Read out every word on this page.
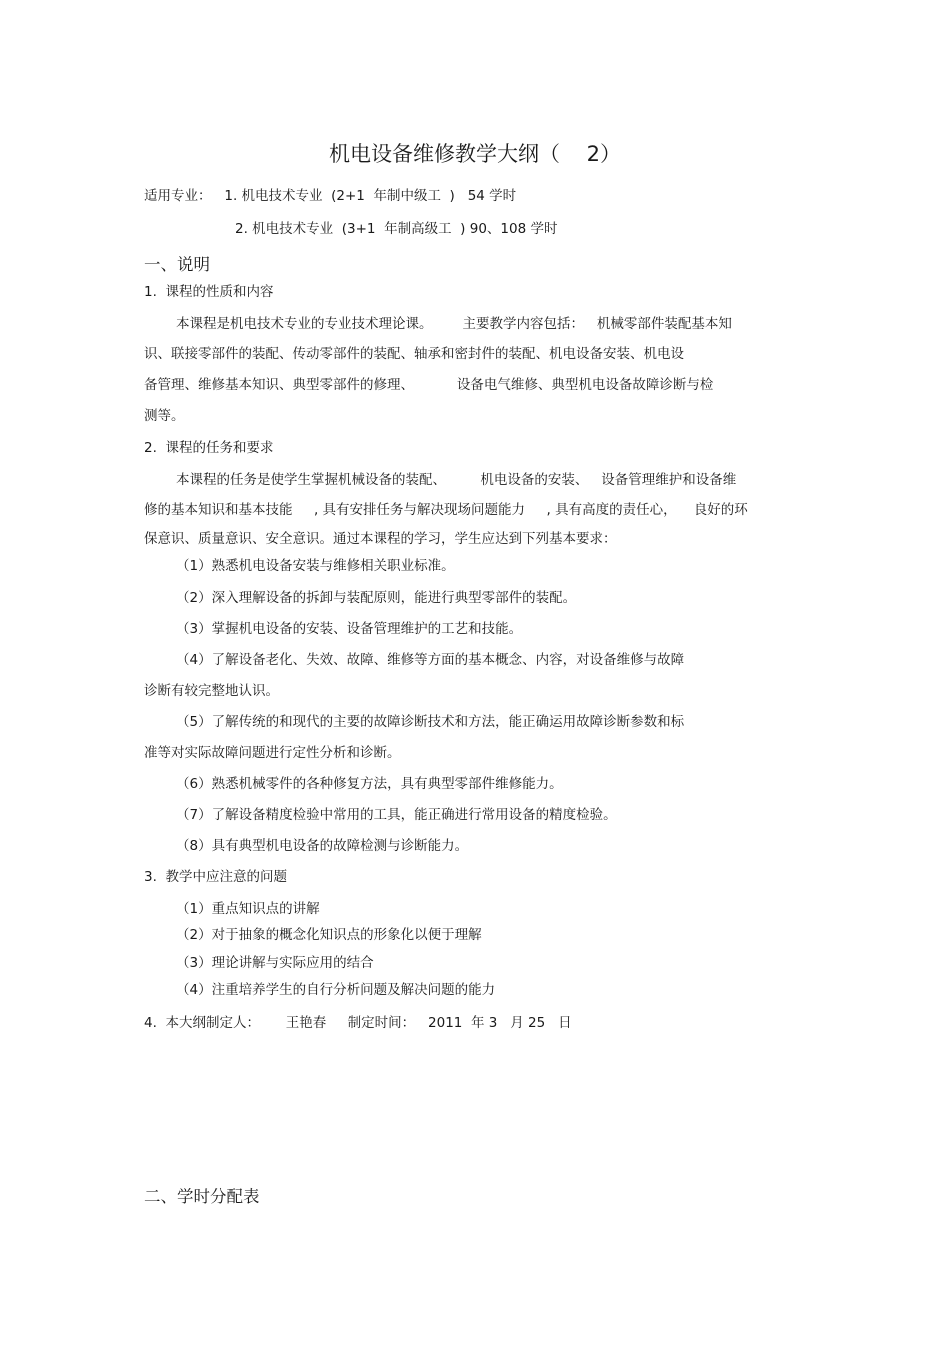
机电设备维修教学大纲（    2）

适用专业：   1. 机电技术专业  (2+1  年制中级工  )   54 学时

2. 机电技术专业  (3+1  年制高级工  ) 90、108 学时

一、说明

1.  课程的性质和内容

本课程是机电技术专业的专业技术理论课。       主要教学内容包括：   机械零部件装配基本知

识、联接零部件的装配、传动零部件的装配、轴承和密封件的装配、机电设备安装、机电设

备管理、维修基本知识、典型零部件的修理、          设备电气维修、典型机电设备故障诊断与检

测等。

2.  课程的任务和要求

本课程的任务是使学生掌握机械设备的装配、        机电设备的安装、   设备管理维护和设备维

修的基本知识和基本技能     , 具有安排任务与解决现场问题能力     , 具有高度的责任心，    良好的环

保意识、质量意识、安全意识。通过本课程的学习，学生应达到下列基本要求：

（1）熟悉机电设备安装与维修相关职业标准。

（2）深入理解设备的拆卸与装配原则，能进行典型零部件的装配。

（3）掌握机电设备的安装、设备管理维护的工艺和技能。

（4）了解设备老化、失效、故障、维修等方面的基本概念、内容，对设备维修与故障

诊断有较完整地认识。

（5）了解传统的和现代的主要的故障诊断技术和方法，能正确运用故障诊断参数和标

准等对实际故障问题进行定性分析和诊断。

（6）熟悉机械零件的各种修复方法，具有典型零部件维修能力。

（7）了解设备精度检验中常用的工具，能正确进行常用设备的精度检验。

（8）具有典型机电设备的故障检测与诊断能力。

3.  教学中应注意的问题

（1）重点知识点的讲解

（2）对于抽象的概念化知识点的形象化以便于理解

（3）理论讲解与实际应用的结合

（4）注重培养学生的自行分析问题及解决问题的能力

4.  本大纲制定人：      王艳春     制定时间：   2011  年 3   月 25   日

二、学时分配表
